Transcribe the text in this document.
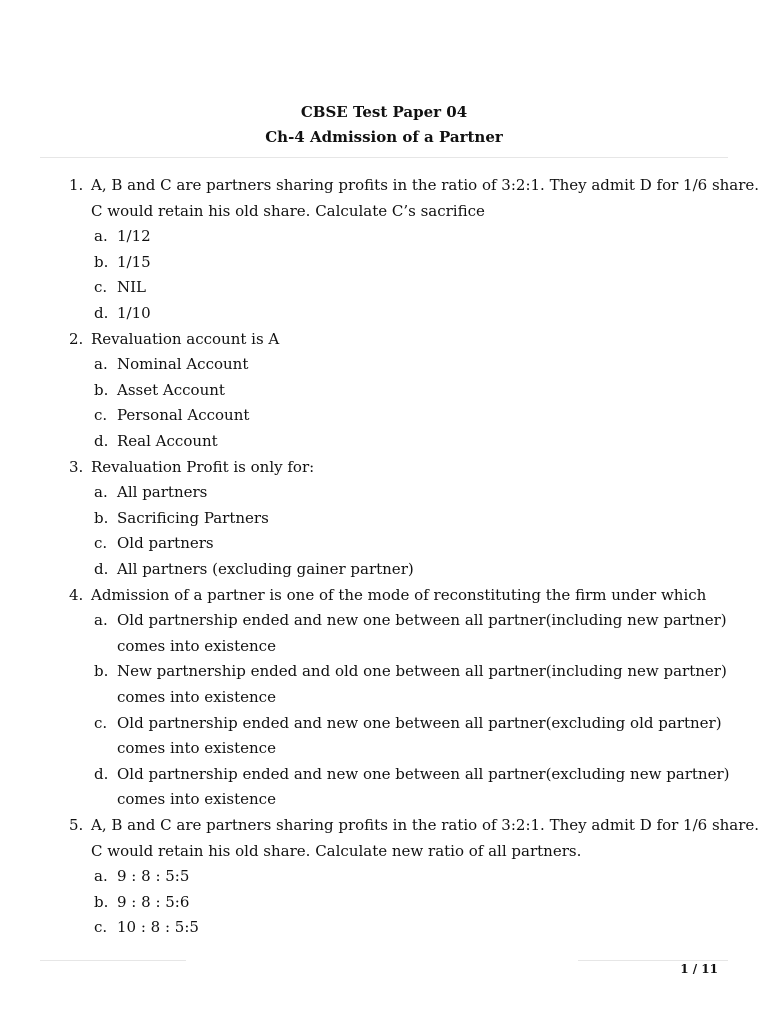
CBSE Test Paper 04
Ch-4 Admission of a Partner
1. A, B and C are partners sharing profits in the ratio of 3:2:1. They admit D for 1/6 share.
C would retain his old share. Calculate C’s sacrifice
a. 1/12
b. 1/15
c. NIL
d. 1/10
2. Revaluation account is A
a. Nominal Account
b. Asset Account
c. Personal Account
d. Real Account
3. Revaluation Profit is only for:
a. All partners
b. Sacrificing Partners
c. Old partners
d. All partners (excluding gainer partner)
4. Admission of a partner is one of the mode of reconstituting the firm under which
a. Old partnership ended and new one between all partner(including new partner)
comes into existence
b. New partnership ended and old one between all partner(including new partner)
comes into existence
c. Old partnership ended and new one between all partner(excluding old partner)
comes into existence
d. Old partnership ended and new one between all partner(excluding new partner)
comes into existence
5. A, B and C are partners sharing profits in the ratio of 3:2:1. They admit D for 1/6 share.
C would retain his old share. Calculate new ratio of all partners.
a. 9 : 8 : 5:5
b. 9 : 8 : 5:6
c. 10 : 8 : 5:5
1 / 11
